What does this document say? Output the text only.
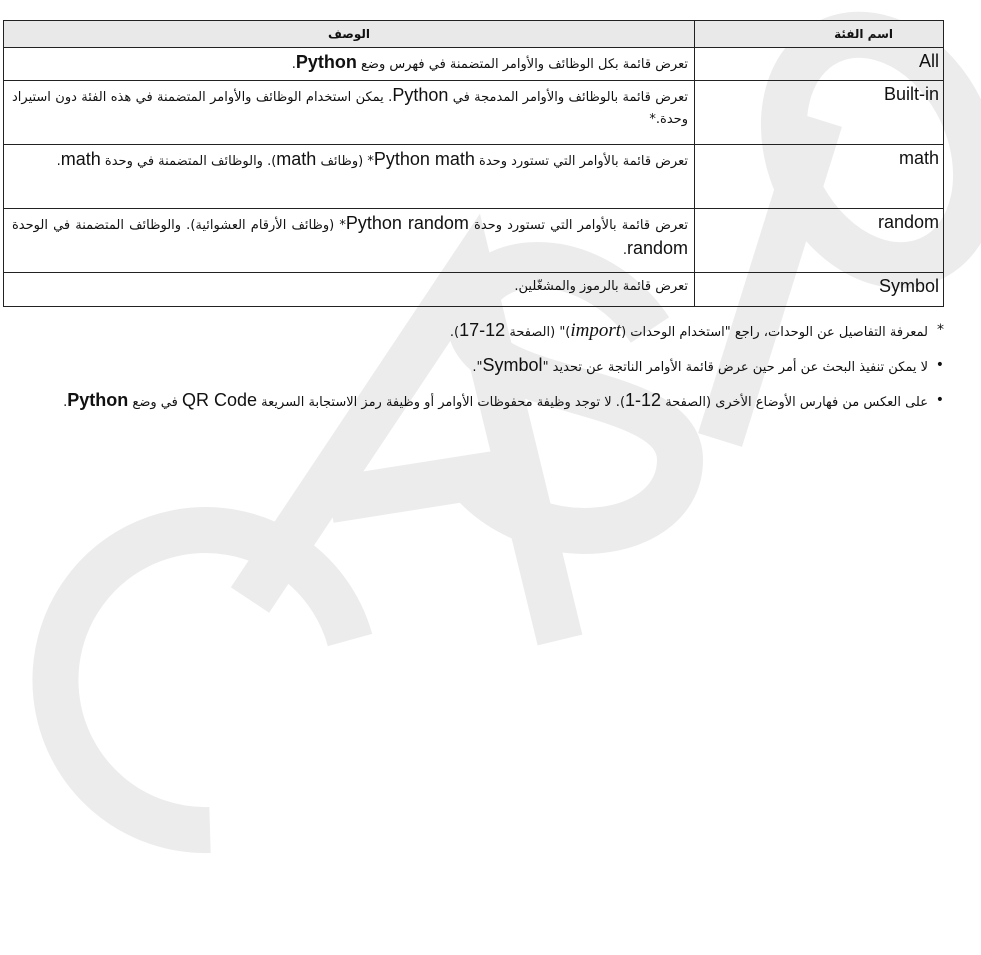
اسم الفئة	الوصف
All	تعرض قائمة بكل الوظائف والأوامر المتضمنة في فهرس وضع Python.
Built-in	تعرض قائمة بالوظائف والأوامر المدمجة في Python. يمكن استخدام الوظائف والأوامر المتضمنة في هذه الفئة دون استيراد وحدة.*
math	تعرض قائمة بالأوامر التي تستورد وحدة Python math* (وظائف math). والوظائف المتضمنة في وحدة math.
random	تعرض قائمة بالأوامر التي تستورد وحدة Python random* (وظائف الأرقام العشوائية). والوظائف المتضمنة في الوحدة random.
Symbol	تعرض قائمة بالرموز والمشغّلين.
*
لمعرفة التفاصيل عن الوحدات، راجع "استخدام الوحدات (import)" (الصفحة 12-17).
•
لا يمكن تنفيذ البحث عن أمر حين عرض قائمة الأوامر الناتجة عن تحديد "Symbol".
•
على العكس من فهارس الأوضاع الأخرى (الصفحة 12-1). لا توجد وظيفة محفوظات الأوامر أو وظيفة رمز الاستجابة السريعة QR Code في وضع Python.
